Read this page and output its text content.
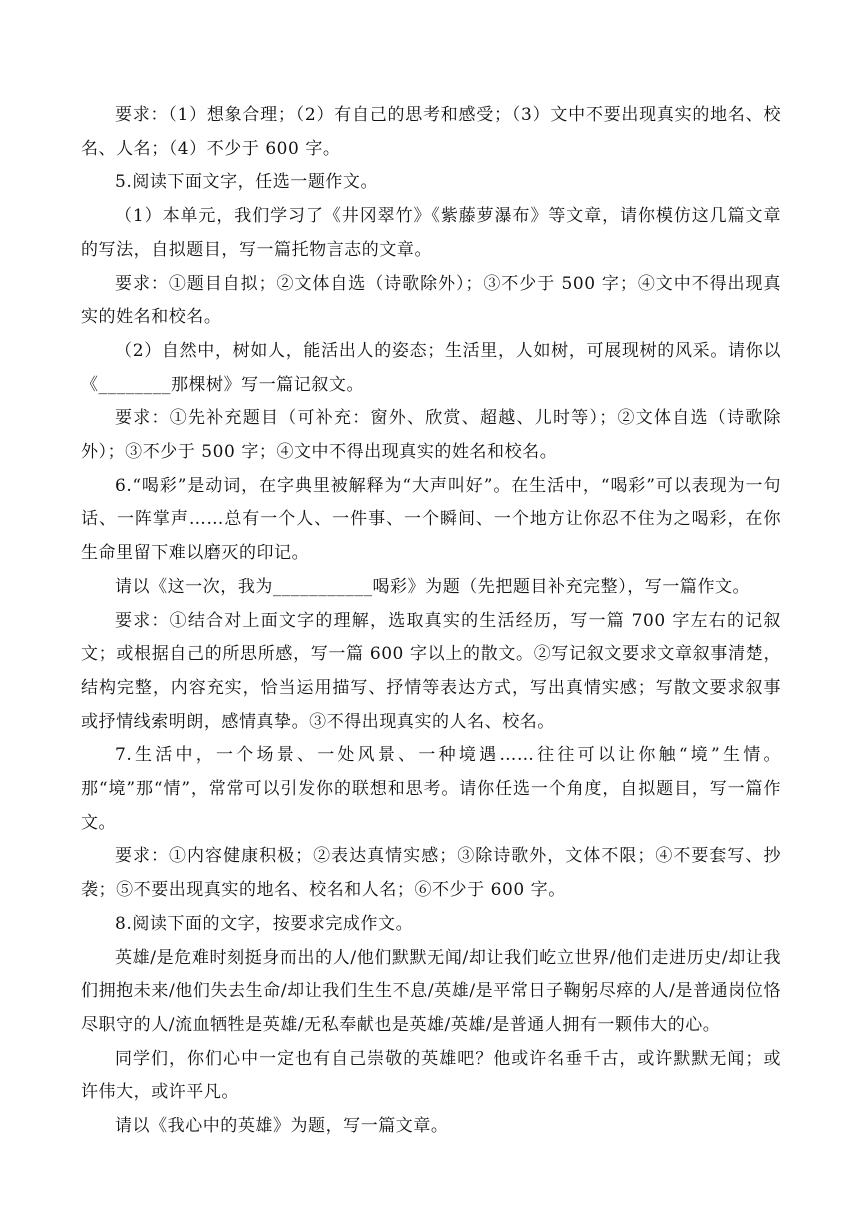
要求：（1）想象合理；（2）有自己的思考和感受；（3）文中不要出现真实的地名、校名、人名；（4）不少于 600 字。

5.阅读下面文字，任选一题作文。

（1）本单元，我们学习了《井冈翠竹》《紫藤萝瀑布》等文章，请你模仿这几篇文章的写法，自拟题目，写一篇托物言志的文章。

要求：①题目自拟；②文体自选（诗歌除外）；③不少于 500 字；④文中不得出现真实的姓名和校名。

（2）自然中，树如人，能活出人的姿态；生活里，人如树，可展现树的风采。请你以《________那棵树》写一篇记叙文。

要求：①先补充题目（可补充：窗外、欣赏、超越、儿时等）；②文体自选（诗歌除外）；③不少于 500 字；④文中不得出现真实的姓名和校名。

6.“喝彩”是动词，在字典里被解释为“大声叫好”。在生活中，“喝彩”可以表现为一句话、一阵掌声……总有一个人、一件事、一个瞬间、一个地方让你忍不住为之喝彩，在你生命里留下难以磨灭的印记。

请以《这一次，我为___________喝彩》为题（先把题目补充完整），写一篇作文。

要求：①结合对上面文字的理解，选取真实的生活经历，写一篇 700 字左右的记叙文；或根据自己的所思所感，写一篇 600 字以上的散文。②写记叙文要求文章叙事清楚，结构完整，内容充实，恰当运用描写、抒情等表达方式，写出真情实感；写散文要求叙事或抒情线索明朗，感情真挚。③不得出现真实的人名、校名。

7.生活中，一个场景、一处风景、一种境遇……往往可以让你触“境”生情。那“境”那“情”，常常可以引发你的联想和思考。请你任选一个角度，自拟题目，写一篇作文。

要求：①内容健康积极；②表达真情实感；③除诗歌外，文体不限；④不要套写、抄袭；⑤不要出现真实的地名、校名和人名；⑥不少于 600 字。

8.阅读下面的文字，按要求完成作文。

英雄/是危难时刻挺身而出的人/他们默默无闻/却让我们屹立世界/他们走进历史/却让我们拥抱未来/他们失去生命/却让我们生生不息/英雄/是平常日子鞠躬尽瘁的人/是普通岗位恪尽职守的人/流血牺牲是英雄/无私奉献也是英雄/英雄/是普通人拥有一颗伟大的心。

同学们，你们心中一定也有自己崇敬的英雄吧？他或许名垂千古，或许默默无闻；或许伟大，或许平凡。

请以《我心中的英雄》为题，写一篇文章。
